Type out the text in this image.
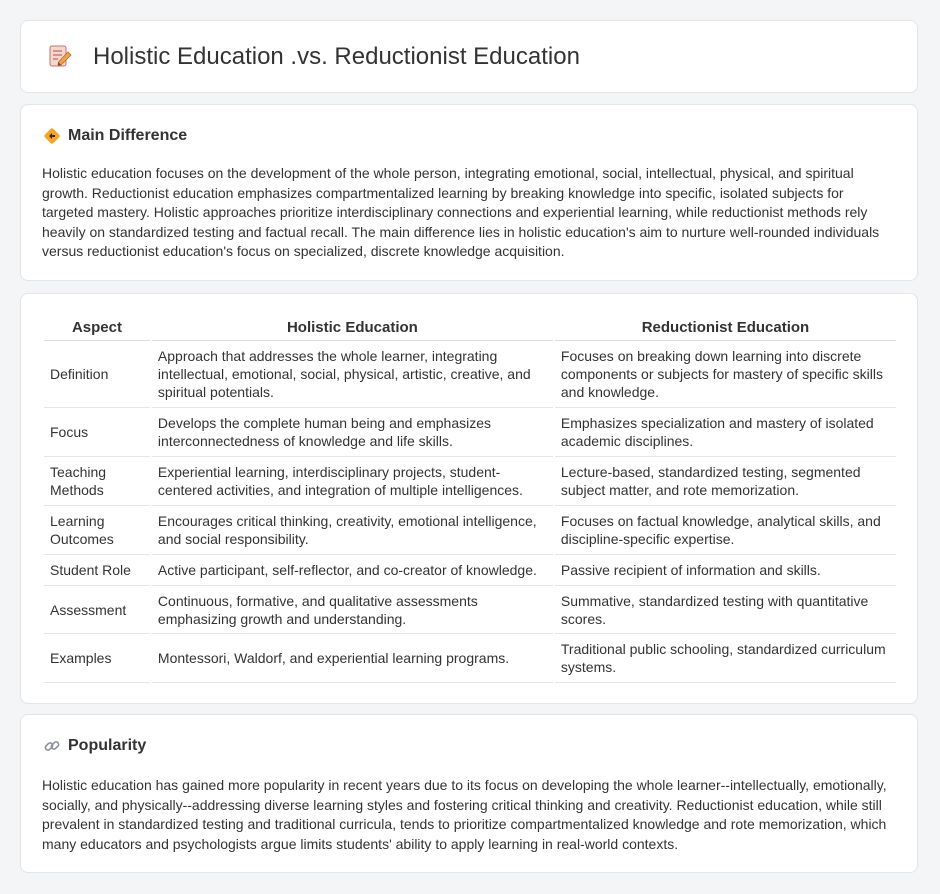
Holistic Education .vs. Reductionist Education
Main Difference

Holistic education focuses on the development of the whole person, integrating emotional, social, intellectual, physical, and spiritual growth. Reductionist education emphasizes compartmentalized learning by breaking knowledge into specific, isolated subjects for targeted mastery. Holistic approaches prioritize interdisciplinary connections and experiential learning, while reductionist methods rely heavily on standardized testing and factual recall. The main difference lies in holistic education's aim to nurture well-rounded individuals versus reductionist education's focus on specialized, discrete knowledge acquisition.

Aspect	Holistic Education	Reductionist Education
Definition	Approach that addresses the whole learner, integrating intellectual, emotional, social, physical, artistic, creative, and spiritual potentials.	Focuses on breaking down learning into discrete components or subjects for mastery of specific skills and knowledge.
Focus	Develops the complete human being and emphasizes interconnectedness of knowledge and life skills.	Emphasizes specialization and mastery of isolated academic disciplines.
Teaching Methods	Experiential learning, interdisciplinary projects, student-centered activities, and integration of multiple intelligences.	Lecture-based, standardized testing, segmented subject matter, and rote memorization.
Learning Outcomes	Encourages critical thinking, creativity, emotional intelligence, and social responsibility.	Focuses on factual knowledge, analytical skills, and discipline-specific expertise.
Student Role	Active participant, self-reflector, and co-creator of knowledge.	Passive recipient of information and skills.
Assessment	Continuous, formative, and qualitative assessments emphasizing growth and understanding.	Summative, standardized testing with quantitative scores.
Examples	Montessori, Waldorf, and experiential learning programs.	Traditional public schooling, standardized curriculum systems.
Popularity

Holistic education has gained more popularity in recent years due to its focus on developing the whole learner--intellectually, emotionally, socially, and physically--addressing diverse learning styles and fostering critical thinking and creativity. Reductionist education, while still prevalent in standardized testing and traditional curricula, tends to prioritize compartmentalized knowledge and rote memorization, which many educators and psychologists argue limits students' ability to apply learning in real-world contexts.
